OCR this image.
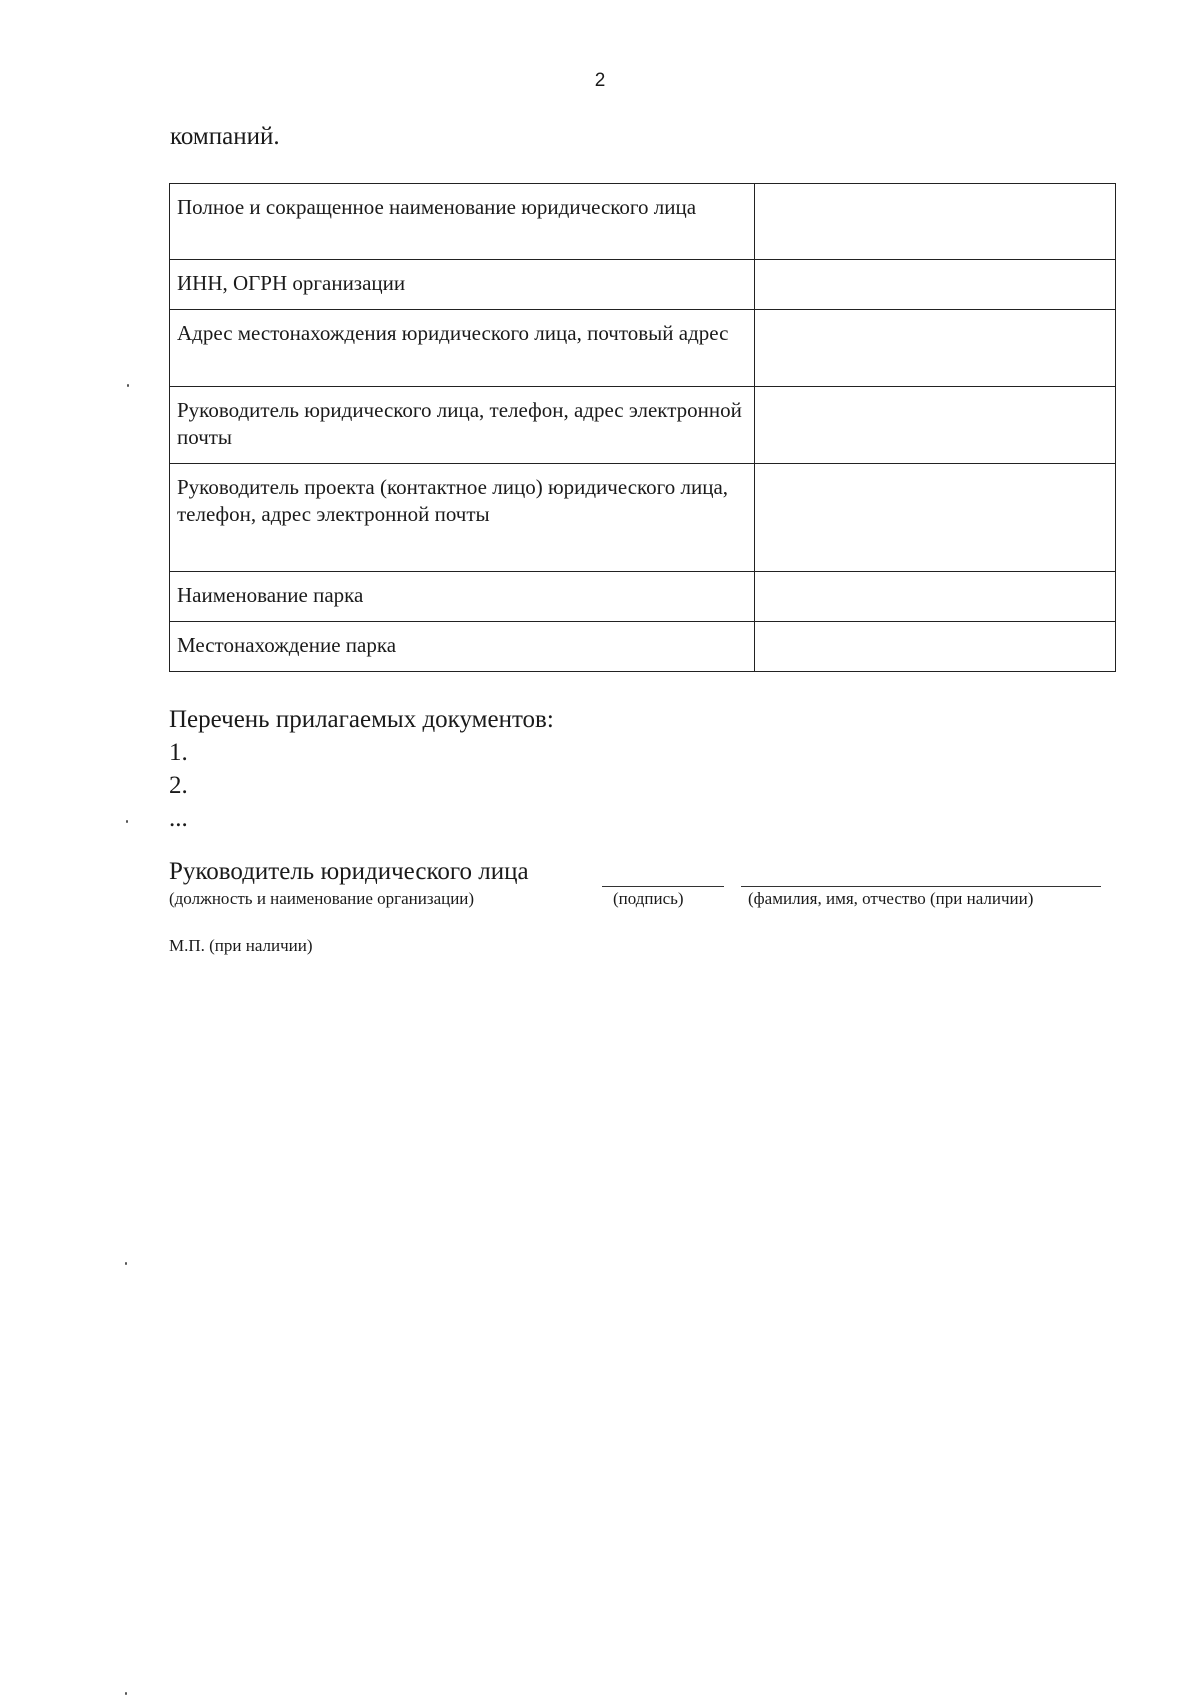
2
компаний.
Полное и сокращенное наименование юридического лица	
ИНН, ОГРН организации	
Адрес местонахождения юридического лица, почтовый адрес	
Руководитель юридического лица, телефон, адрес электронной почты	
Руководитель проекта (контактное лицо) юридического лица, телефон, адрес электронной почты	
Наименование парка	
Местонахождение парка	
Перечень прилагаемых документов:
1.
2.
...
Руководитель юридического лица
(должность и наименование организации)	(подпись)	(фамилия, имя, отчество (при наличии)
М.П. (при наличии)
